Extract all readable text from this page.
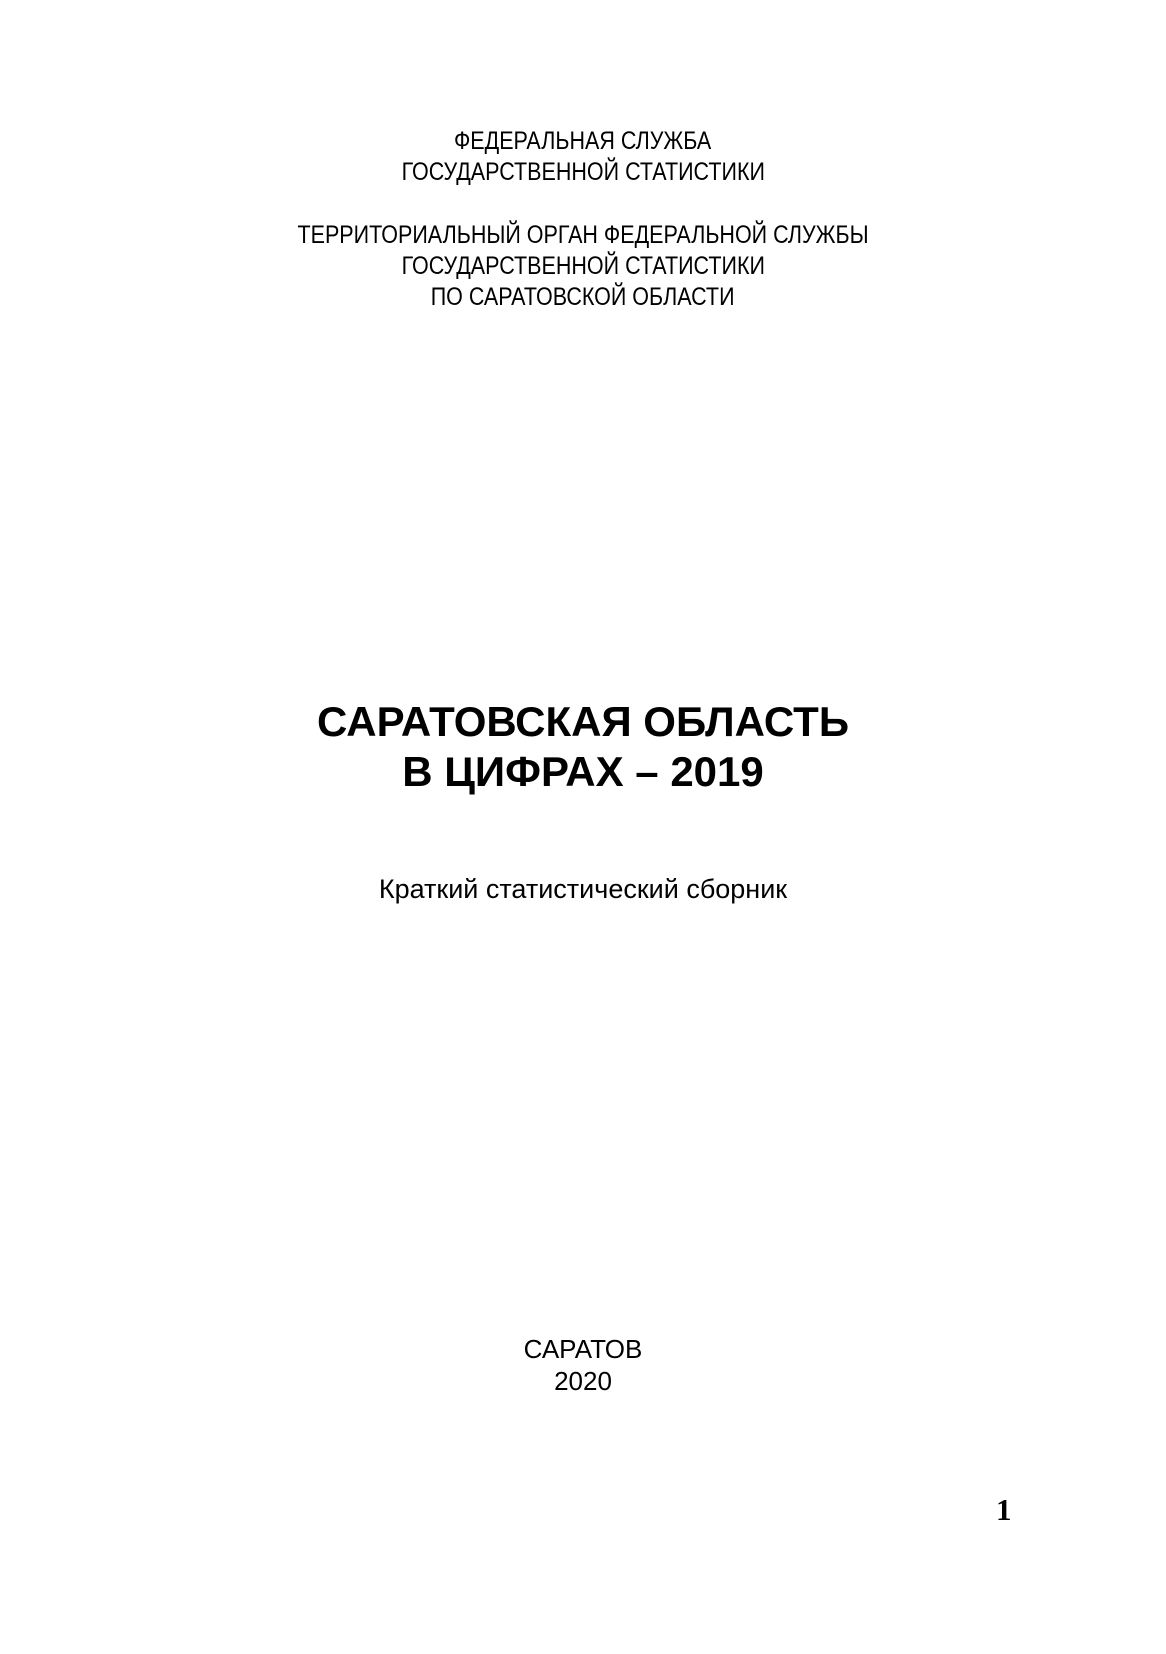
ФЕДЕРАЛЬНАЯ СЛУЖБА
ГОСУДАРСТВЕННОЙ СТАТИСТИКИ
ТЕРРИТОРИАЛЬНЫЙ ОРГАН ФЕДЕРАЛЬНОЙ СЛУЖБЫ
ГОСУДАРСТВЕННОЙ СТАТИСТИКИ
ПО САРАТОВСКОЙ ОБЛАСТИ
САРАТОВСКАЯ ОБЛАСТЬ
В ЦИФРАХ – 2019
Краткий статистический сборник
САРАТОВ
2020
1
